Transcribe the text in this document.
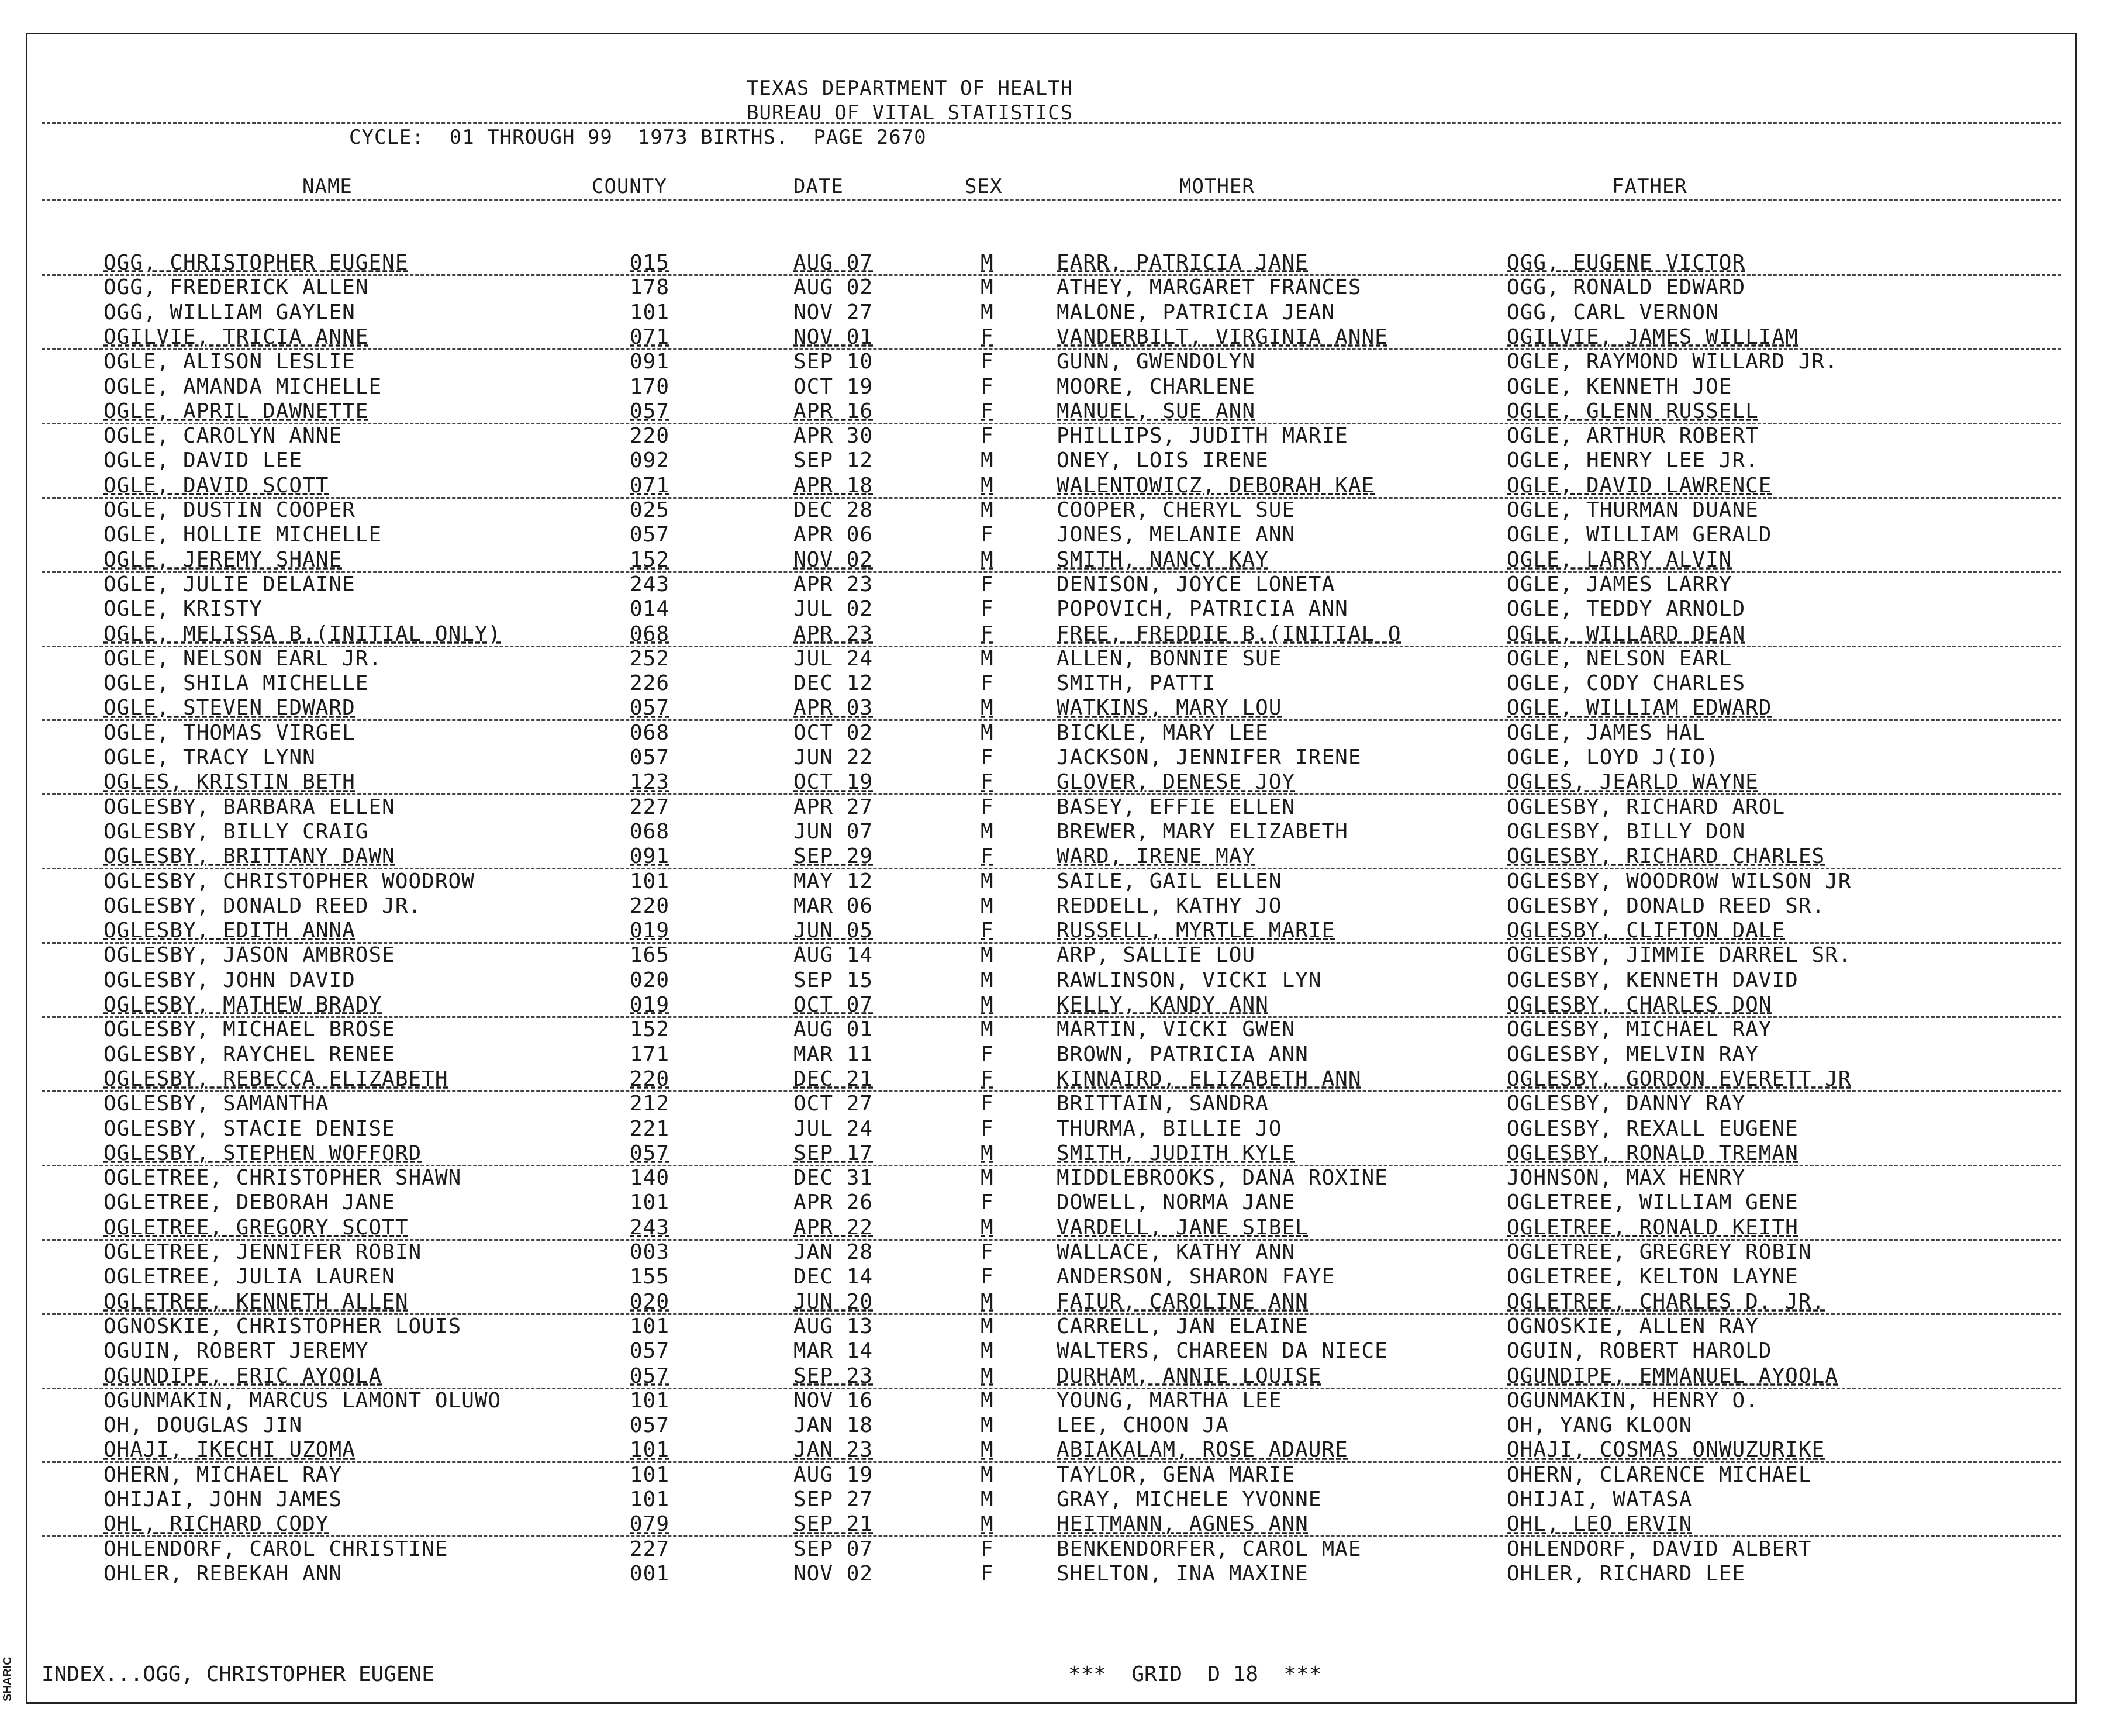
TEXAS DEPARTMENT OF HEALTH
BUREAU OF VITAL STATISTICS
CYCLE:  01 THROUGH 99  1973 BIRTHS.  PAGE 2670
NAME	COUNTY	DATE	SEX	MOTHER	FATHER
OGG, CHRISTOPHER EUGENE	015	AUG 07	M	EARR, PATRICIA JANE	OGG, EUGENE VICTOR
OGG, FREDERICK ALLEN	178	AUG 02	M	ATHEY, MARGARET FRANCES	OGG, RONALD EDWARD
OGG, WILLIAM GAYLEN	101	NOV 27	M	MALONE, PATRICIA JEAN	OGG, CARL VERNON
OGILVIE, TRICIA ANNE	071	NOV 01	F	VANDERBILT, VIRGINIA ANNE	OGILVIE, JAMES WILLIAM
OGLE, ALISON LESLIE	091	SEP 10	F	GUNN, GWENDOLYN	OGLE, RAYMOND WILLARD JR.
OGLE, AMANDA MICHELLE	170	OCT 19	F	MOORE, CHARLENE	OGLE, KENNETH JOE
OGLE, APRIL DAWNETTE	057	APR 16	F	MANUEL, SUE ANN	OGLE, GLENN RUSSELL
OGLE, CAROLYN ANNE	220	APR 30	F	PHILLIPS, JUDITH MARIE	OGLE, ARTHUR ROBERT
OGLE, DAVID LEE	092	SEP 12	M	ONEY, LOIS IRENE	OGLE, HENRY LEE JR.
OGLE, DAVID SCOTT	071	APR 18	M	WALENTOWICZ, DEBORAH KAE	OGLE, DAVID LAWRENCE
OGLE, DUSTIN COOPER	025	DEC 28	M	COOPER, CHERYL SUE	OGLE, THURMAN DUANE
OGLE, HOLLIE MICHELLE	057	APR 06	F	JONES, MELANIE ANN	OGLE, WILLIAM GERALD
OGLE, JEREMY SHANE	152	NOV 02	M	SMITH, NANCY KAY	OGLE, LARRY ALVIN
OGLE, JULIE DELAINE	243	APR 23	F	DENISON, JOYCE LONETA	OGLE, JAMES LARRY
OGLE, KRISTY	014	JUL 02	F	POPOVICH, PATRICIA ANN	OGLE, TEDDY ARNOLD
OGLE, MELISSA B.(INITIAL ONLY)	068	APR 23	F	FREE, FREDDIE B.(INITIAL O	OGLE, WILLARD DEAN
OGLE, NELSON EARL JR.	252	JUL 24	M	ALLEN, BONNIE SUE	OGLE, NELSON EARL
OGLE, SHILA MICHELLE	226	DEC 12	F	SMITH, PATTI	OGLE, CODY CHARLES
OGLE, STEVEN EDWARD	057	APR 03	M	WATKINS, MARY LOU	OGLE, WILLIAM EDWARD
OGLE, THOMAS VIRGEL	068	OCT 02	M	BICKLE, MARY LEE	OGLE, JAMES HAL
OGLE, TRACY LYNN	057	JUN 22	F	JACKSON, JENNIFER IRENE	OGLE, LOYD J(IO)
OGLES, KRISTIN BETH	123	OCT 19	F	GLOVER, DENESE JOY	OGLES, JEARLD WAYNE
OGLESBY, BARBARA ELLEN	227	APR 27	F	BASEY, EFFIE ELLEN	OGLESBY, RICHARD AROL
OGLESBY, BILLY CRAIG	068	JUN 07	M	BREWER, MARY ELIZABETH	OGLESBY, BILLY DON
OGLESBY, BRITTANY DAWN	091	SEP 29	F	WARD, IRENE MAY	OGLESBY, RICHARD CHARLES
OGLESBY, CHRISTOPHER WOODROW	101	MAY 12	M	SAILE, GAIL ELLEN	OGLESBY, WOODROW WILSON JR
OGLESBY, DONALD REED JR.	220	MAR 06	M	REDDELL, KATHY JO	OGLESBY, DONALD REED SR.
OGLESBY, EDITH ANNA	019	JUN 05	F	RUSSELL, MYRTLE MARIE	OGLESBY, CLIFTON DALE
OGLESBY, JASON AMBROSE	165	AUG 14	M	ARP, SALLIE LOU	OGLESBY, JIMMIE DARREL SR.
OGLESBY, JOHN DAVID	020	SEP 15	M	RAWLINSON, VICKI LYN	OGLESBY, KENNETH DAVID
OGLESBY, MATHEW BRADY	019	OCT 07	M	KELLY, KANDY ANN	OGLESBY, CHARLES DON
OGLESBY, MICHAEL BROSE	152	AUG 01	M	MARTIN, VICKI GWEN	OGLESBY, MICHAEL RAY
OGLESBY, RAYCHEL RENEE	171	MAR 11	F	BROWN, PATRICIA ANN	OGLESBY, MELVIN RAY
OGLESBY, REBECCA ELIZABETH	220	DEC 21	F	KINNAIRD, ELIZABETH ANN	OGLESBY, GORDON EVERETT JR
OGLESBY, SAMANTHA	212	OCT 27	F	BRITTAIN, SANDRA	OGLESBY, DANNY RAY
OGLESBY, STACIE DENISE	221	JUL 24	F	THURMA, BILLIE JO	OGLESBY, REXALL EUGENE
OGLESBY, STEPHEN WOFFORD	057	SEP 17	M	SMITH, JUDITH KYLE	OGLESBY, RONALD TREMAN
OGLETREE, CHRISTOPHER SHAWN	140	DEC 31	M	MIDDLEBROOKS, DANA ROXINE	JOHNSON, MAX HENRY
OGLETREE, DEBORAH JANE	101	APR 26	F	DOWELL, NORMA JANE	OGLETREE, WILLIAM GENE
OGLETREE, GREGORY SCOTT	243	APR 22	M	VARDELL, JANE SIBEL	OGLETREE, RONALD KEITH
OGLETREE, JENNIFER ROBIN	003	JAN 28	F	WALLACE, KATHY ANN	OGLETREE, GREGREY ROBIN
OGLETREE, JULIA LAUREN	155	DEC 14	F	ANDERSON, SHARON FAYE	OGLETREE, KELTON LAYNE
OGLETREE, KENNETH ALLEN	020	JUN 20	M	FAIUR, CAROLINE ANN	OGLETREE, CHARLES D. JR.
OGNOSKIE, CHRISTOPHER LOUIS	101	AUG 13	M	CARRELL, JAN ELAINE	OGNOSKIE, ALLEN RAY
OGUIN, ROBERT JEREMY	057	MAR 14	M	WALTERS, CHAREEN DA NIECE	OGUIN, ROBERT HAROLD
OGUNDIPE, ERIC AYOOLA	057	SEP 23	M	DURHAM, ANNIE LOUISE	OGUNDIPE, EMMANUEL AYOOLA
OGUNMAKIN, MARCUS LAMONT OLUWO	101	NOV 16	M	YOUNG, MARTHA LEE	OGUNMAKIN, HENRY O.
OH, DOUGLAS JIN	057	JAN 18	M	LEE, CHOON JA	OH, YANG KLOON
OHAJI, IKECHI UZOMA	101	JAN 23	M	ABIAKALAM, ROSE ADAURE	OHAJI, COSMAS ONWUZURIKE
OHERN, MICHAEL RAY	101	AUG 19	M	TAYLOR, GENA MARIE	OHERN, CLARENCE MICHAEL
OHIJAI, JOHN JAMES	101	SEP 27	M	GRAY, MICHELE YVONNE	OHIJAI, WATASA
OHL, RICHARD CODY	079	SEP 21	M	HEITMANN, AGNES ANN	OHL, LEO ERVIN
OHLENDORF, CAROL CHRISTINE	227	SEP 07	F	BENKENDORFER, CAROL MAE	OHLENDORF, DAVID ALBERT
OHLER, REBEKAH ANN	001	NOV 02	F	SHELTON, INA MAXINE	OHLER, RICHARD LEE
INDEX...OGG, CHRISTOPHER EUGENE	***  GRID  D 18  ***
SHARIC
